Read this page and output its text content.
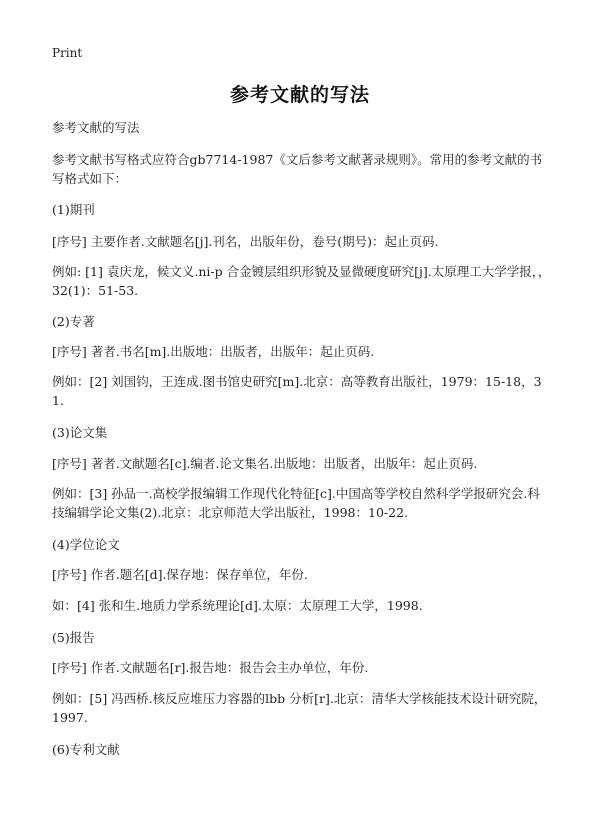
Print
参考文献的写法
参考文献的写法
参考文献书写格式应符合gb7714-1987《文后参考文献著录规则》。常用的参考文献的书写格式如下：
(1)期刊
[序号] 主要作者.文献题名[j].刊名，出版年份，卷号(期号)：起止页码.
例如: [1] 袁庆龙，候文义.ni-p 合金镀层组织形貌及显微硬度研究[j].太原理工大学学报，，32(1)：51-53.
(2)专著
[序号] 著者.书名[m].出版地：出版者，出版年：起止页码.
例如：[2] 刘国钧，王连成.图书馆史研究[m].北京：高等教育出版社，1979：15-18，31.
(3)论文集
[序号] 著者.文献题名[c].编者.论文集名.出版地：出版者，出版年：起止页码.
例如：[3] 孙品一.高校学报编辑工作现代化特征[c].中国高等学校自然科学学报研究会.科技编辑学论文集(2).北京：北京师范大学出版社，1998：10-22.
(4)学位论文
[序号] 作者.题名[d].保存地：保存单位，年份.
如：[4] 张和生.地质力学系统理论[d].太原：太原理工大学，1998.
(5)报告
[序号] 作者.文献题名[r].报告地：报告会主办单位，年份.
例如：[5] 冯西桥.核反应堆压力容器的lbb 分析[r].北京：清华大学核能技术设计研究院，1997.
(6)专利文献
